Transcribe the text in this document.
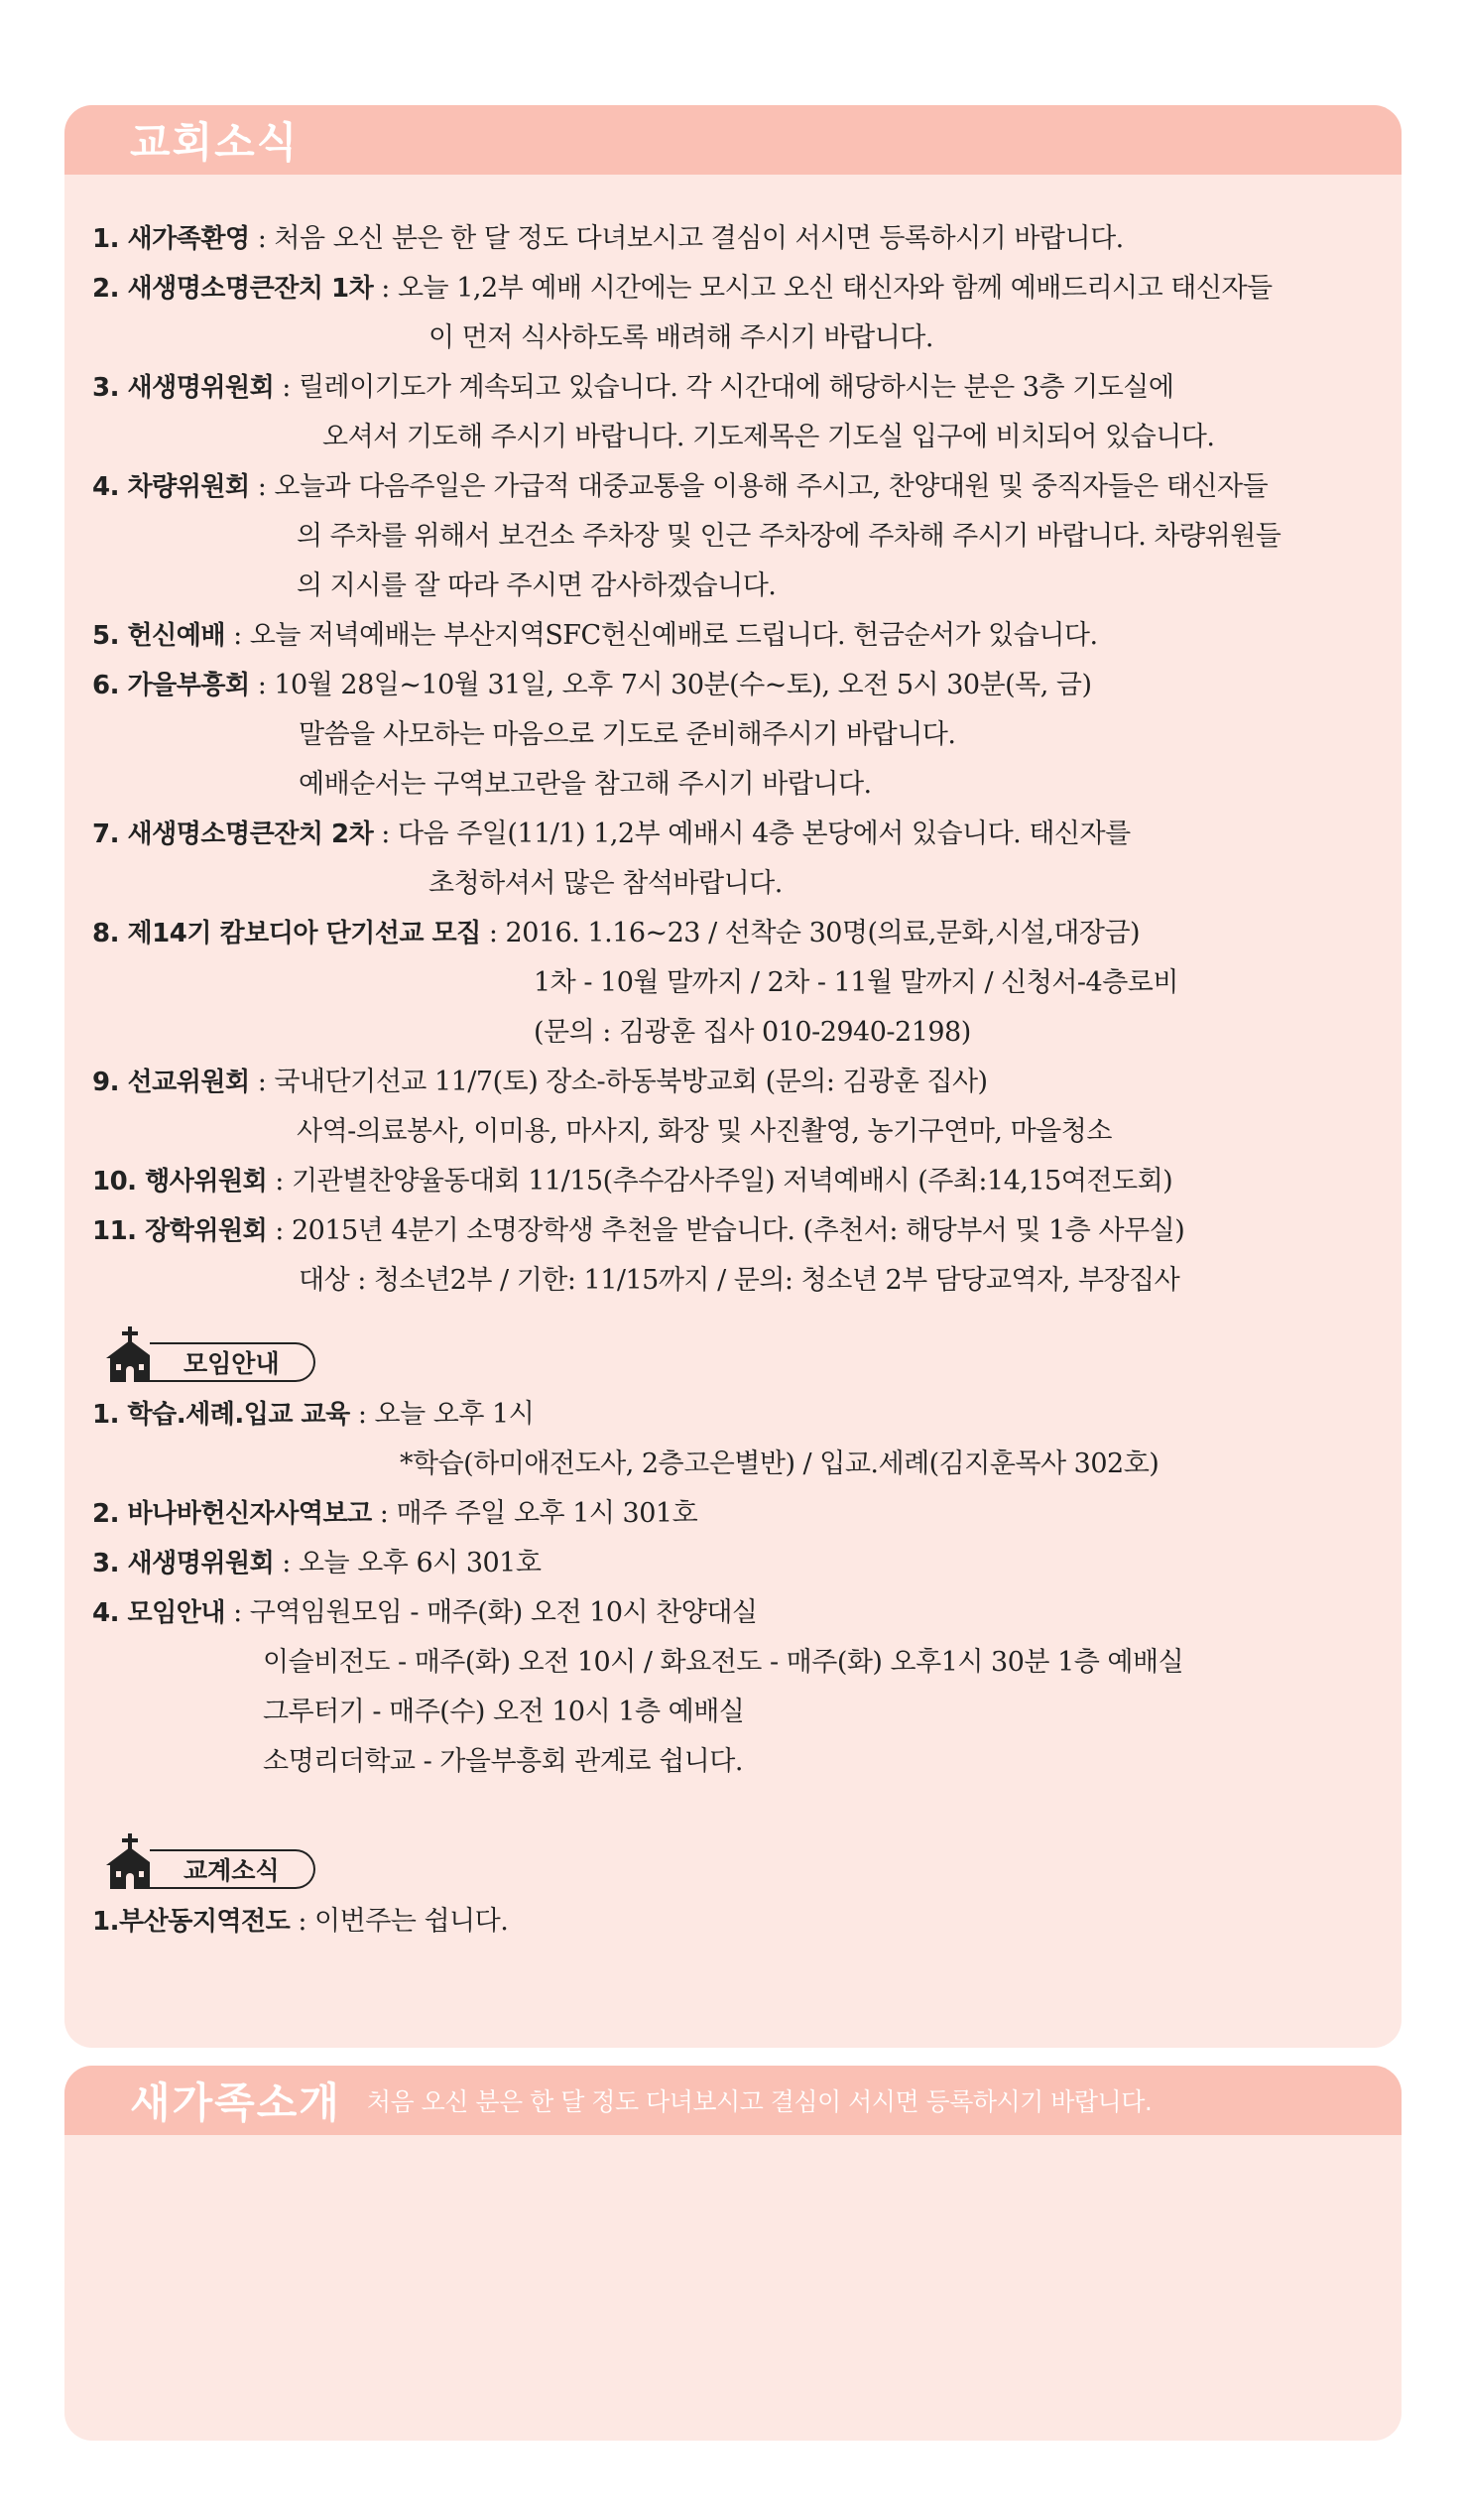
교회소식
1. 새가족환영 : 처음 오신 분은 한 달 정도 다녀보시고 결심이 서시면 등록하시기 바랍니다.
2. 새생명소명큰잔치 1차 : 오늘 1,2부 예배 시간에는 모시고 오신 태신자와 함께 예배드리시고 태신자들
이 먼저 식사하도록 배려해 주시기 바랍니다.
3. 새생명위원회 : 릴레이기도가 계속되고 있습니다. 각 시간대에 해당하시는 분은 3층 기도실에
오셔서 기도해 주시기 바랍니다. 기도제목은 기도실 입구에 비치되어 있습니다.
4. 차량위원회 : 오늘과 다음주일은 가급적 대중교통을 이용해 주시고, 찬양대원 및 중직자들은 태신자들
의 주차를 위해서 보건소 주차장 및 인근 주차장에 주차해 주시기 바랍니다. 차량위원들
의 지시를 잘 따라 주시면 감사하겠습니다.
5. 헌신예배 : 오늘 저녁예배는 부산지역SFC헌신예배로 드립니다. 헌금순서가 있습니다.
6. 가을부흥회 : 10월 28일~10월 31일, 오후 7시 30분(수~토), 오전 5시 30분(목, 금)
말씀을 사모하는 마음으로 기도로 준비해주시기 바랍니다.
예배순서는 구역보고란을 참고해 주시기 바랍니다.
7. 새생명소명큰잔치 2차 : 다음 주일(11/1) 1,2부 예배시 4층 본당에서 있습니다. 태신자를
초청하셔서 많은 참석바랍니다.
8. 제14기 캄보디아 단기선교 모집 : 2016. 1.16~23 / 선착순 30명(의료,문화,시설,대장금)
1차 - 10월 말까지 / 2차 - 11월 말까지 / 신청서-4층로비
(문의 : 김광훈 집사 010-2940-2198)
9. 선교위원회 : 국내단기선교 11/7(토) 장소-하동북방교회 (문의: 김광훈 집사)
사역-의료봉사, 이미용, 마사지, 화장 및 사진촬영, 농기구연마, 마을청소
10. 행사위원회 : 기관별찬양율동대회 11/15(추수감사주일) 저녁예배시 (주최:14,15여전도회)
11. 장학위원회 : 2015년 4분기 소명장학생 추천을 받습니다. (추천서: 해당부서 및 1층 사무실)
대상 : 청소년2부 / 기한: 11/15까지 / 문의: 청소년 2부 담당교역자, 부장집사
모임안내
1. 학습.세례.입교 교육 : 오늘 오후 1시
*학습(하미애전도사, 2층고은별반) / 입교.세례(김지훈목사 302호)
2. 바나바헌신자사역보고 : 매주 주일 오후 1시 301호
3. 새생명위원회 : 오늘 오후 6시 301호
4. 모임안내 : 구역임원모임 - 매주(화) 오전 10시 찬양대실
이슬비전도 - 매주(화) 오전 10시 / 화요전도 - 매주(화) 오후1시 30분 1층 예배실
그루터기 - 매주(수) 오전 10시 1층 예배실
소명리더학교 - 가을부흥회 관계로 쉽니다.
교계소식
1.부산동지역전도 : 이번주는 쉽니다.
새가족소개 처음 오신 분은 한 달 정도 다녀보시고 결심이 서시면 등록하시기 바랍니다.
